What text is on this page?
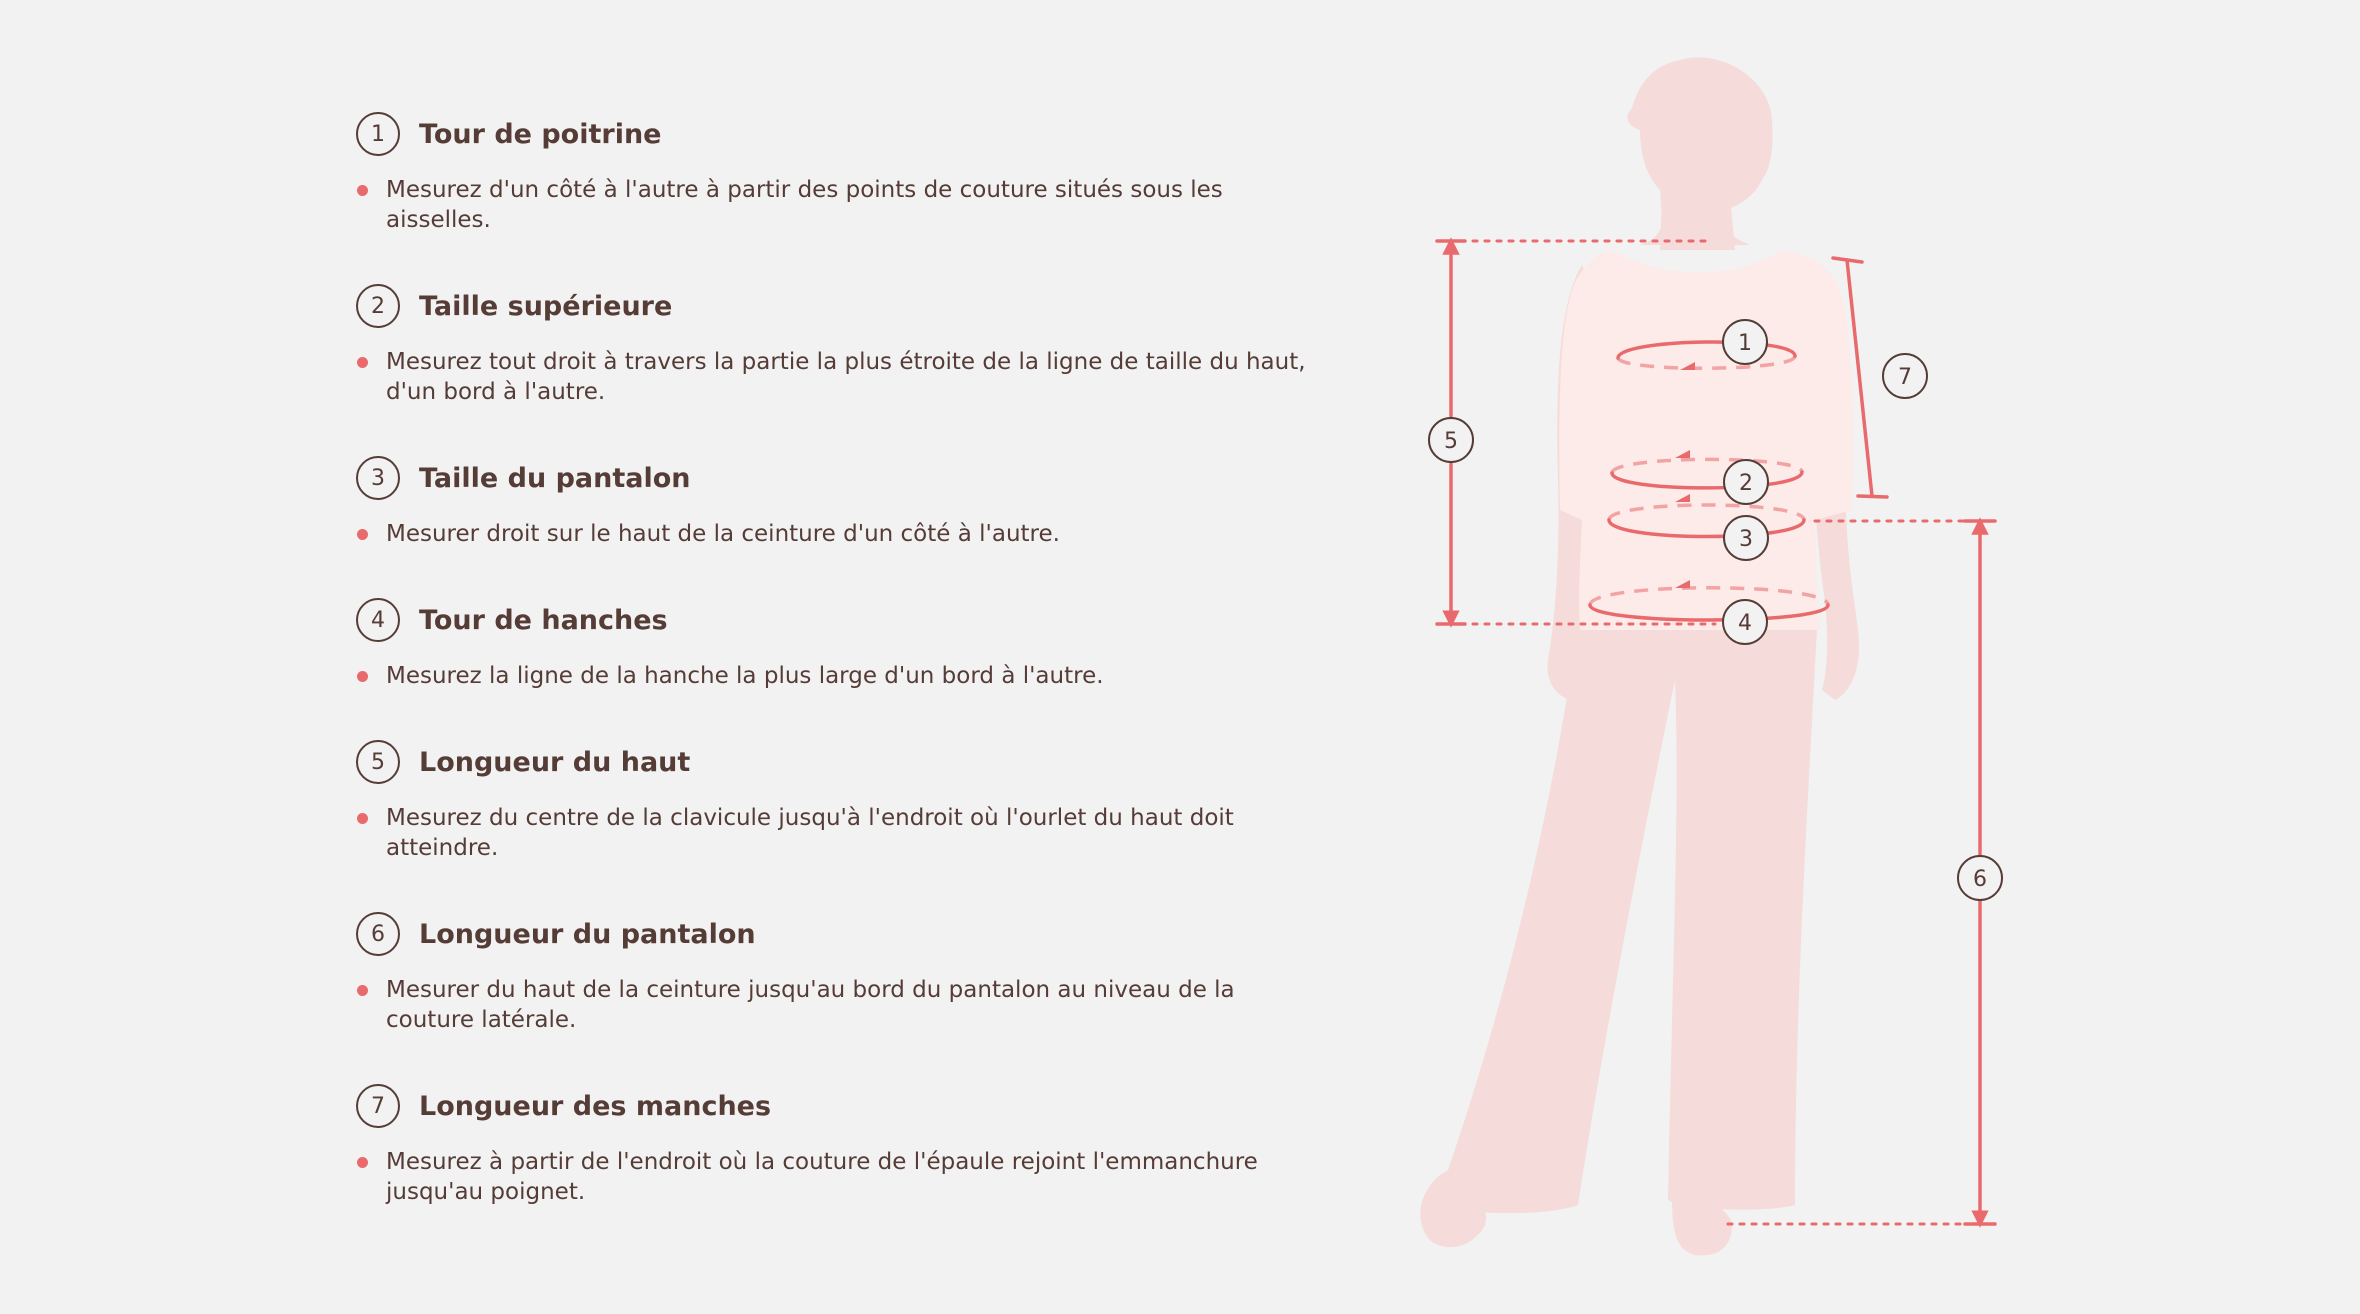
1	Tour de poitrine
Mesurez d'un côté à l'autre à partir des points de couture situés sous les aisselles.
2	Taille supérieure
Mesurez tout droit à travers la partie la plus étroite de la ligne de taille du haut, d'un bord à l'autre.
3	Taille du pantalon
Mesurer droit sur le haut de la ceinture d'un côté à l'autre.
4	Tour de hanches
Mesurez la ligne de la hanche la plus large d'un bord à l'autre.
5	Longueur du haut
Mesurez du centre de la clavicule jusqu'à l'endroit où l'ourlet du haut doit atteindre.
6	Longueur du pantalon
Mesurer du haut de la ceinture jusqu'au bord du pantalon au niveau de la couture latérale.
7	Longueur des manches
Mesurez à partir de l'endroit où la couture de l'épaule rejoint l'emmanchure jusqu'au poignet.
1
2
3
4
5
6
7
